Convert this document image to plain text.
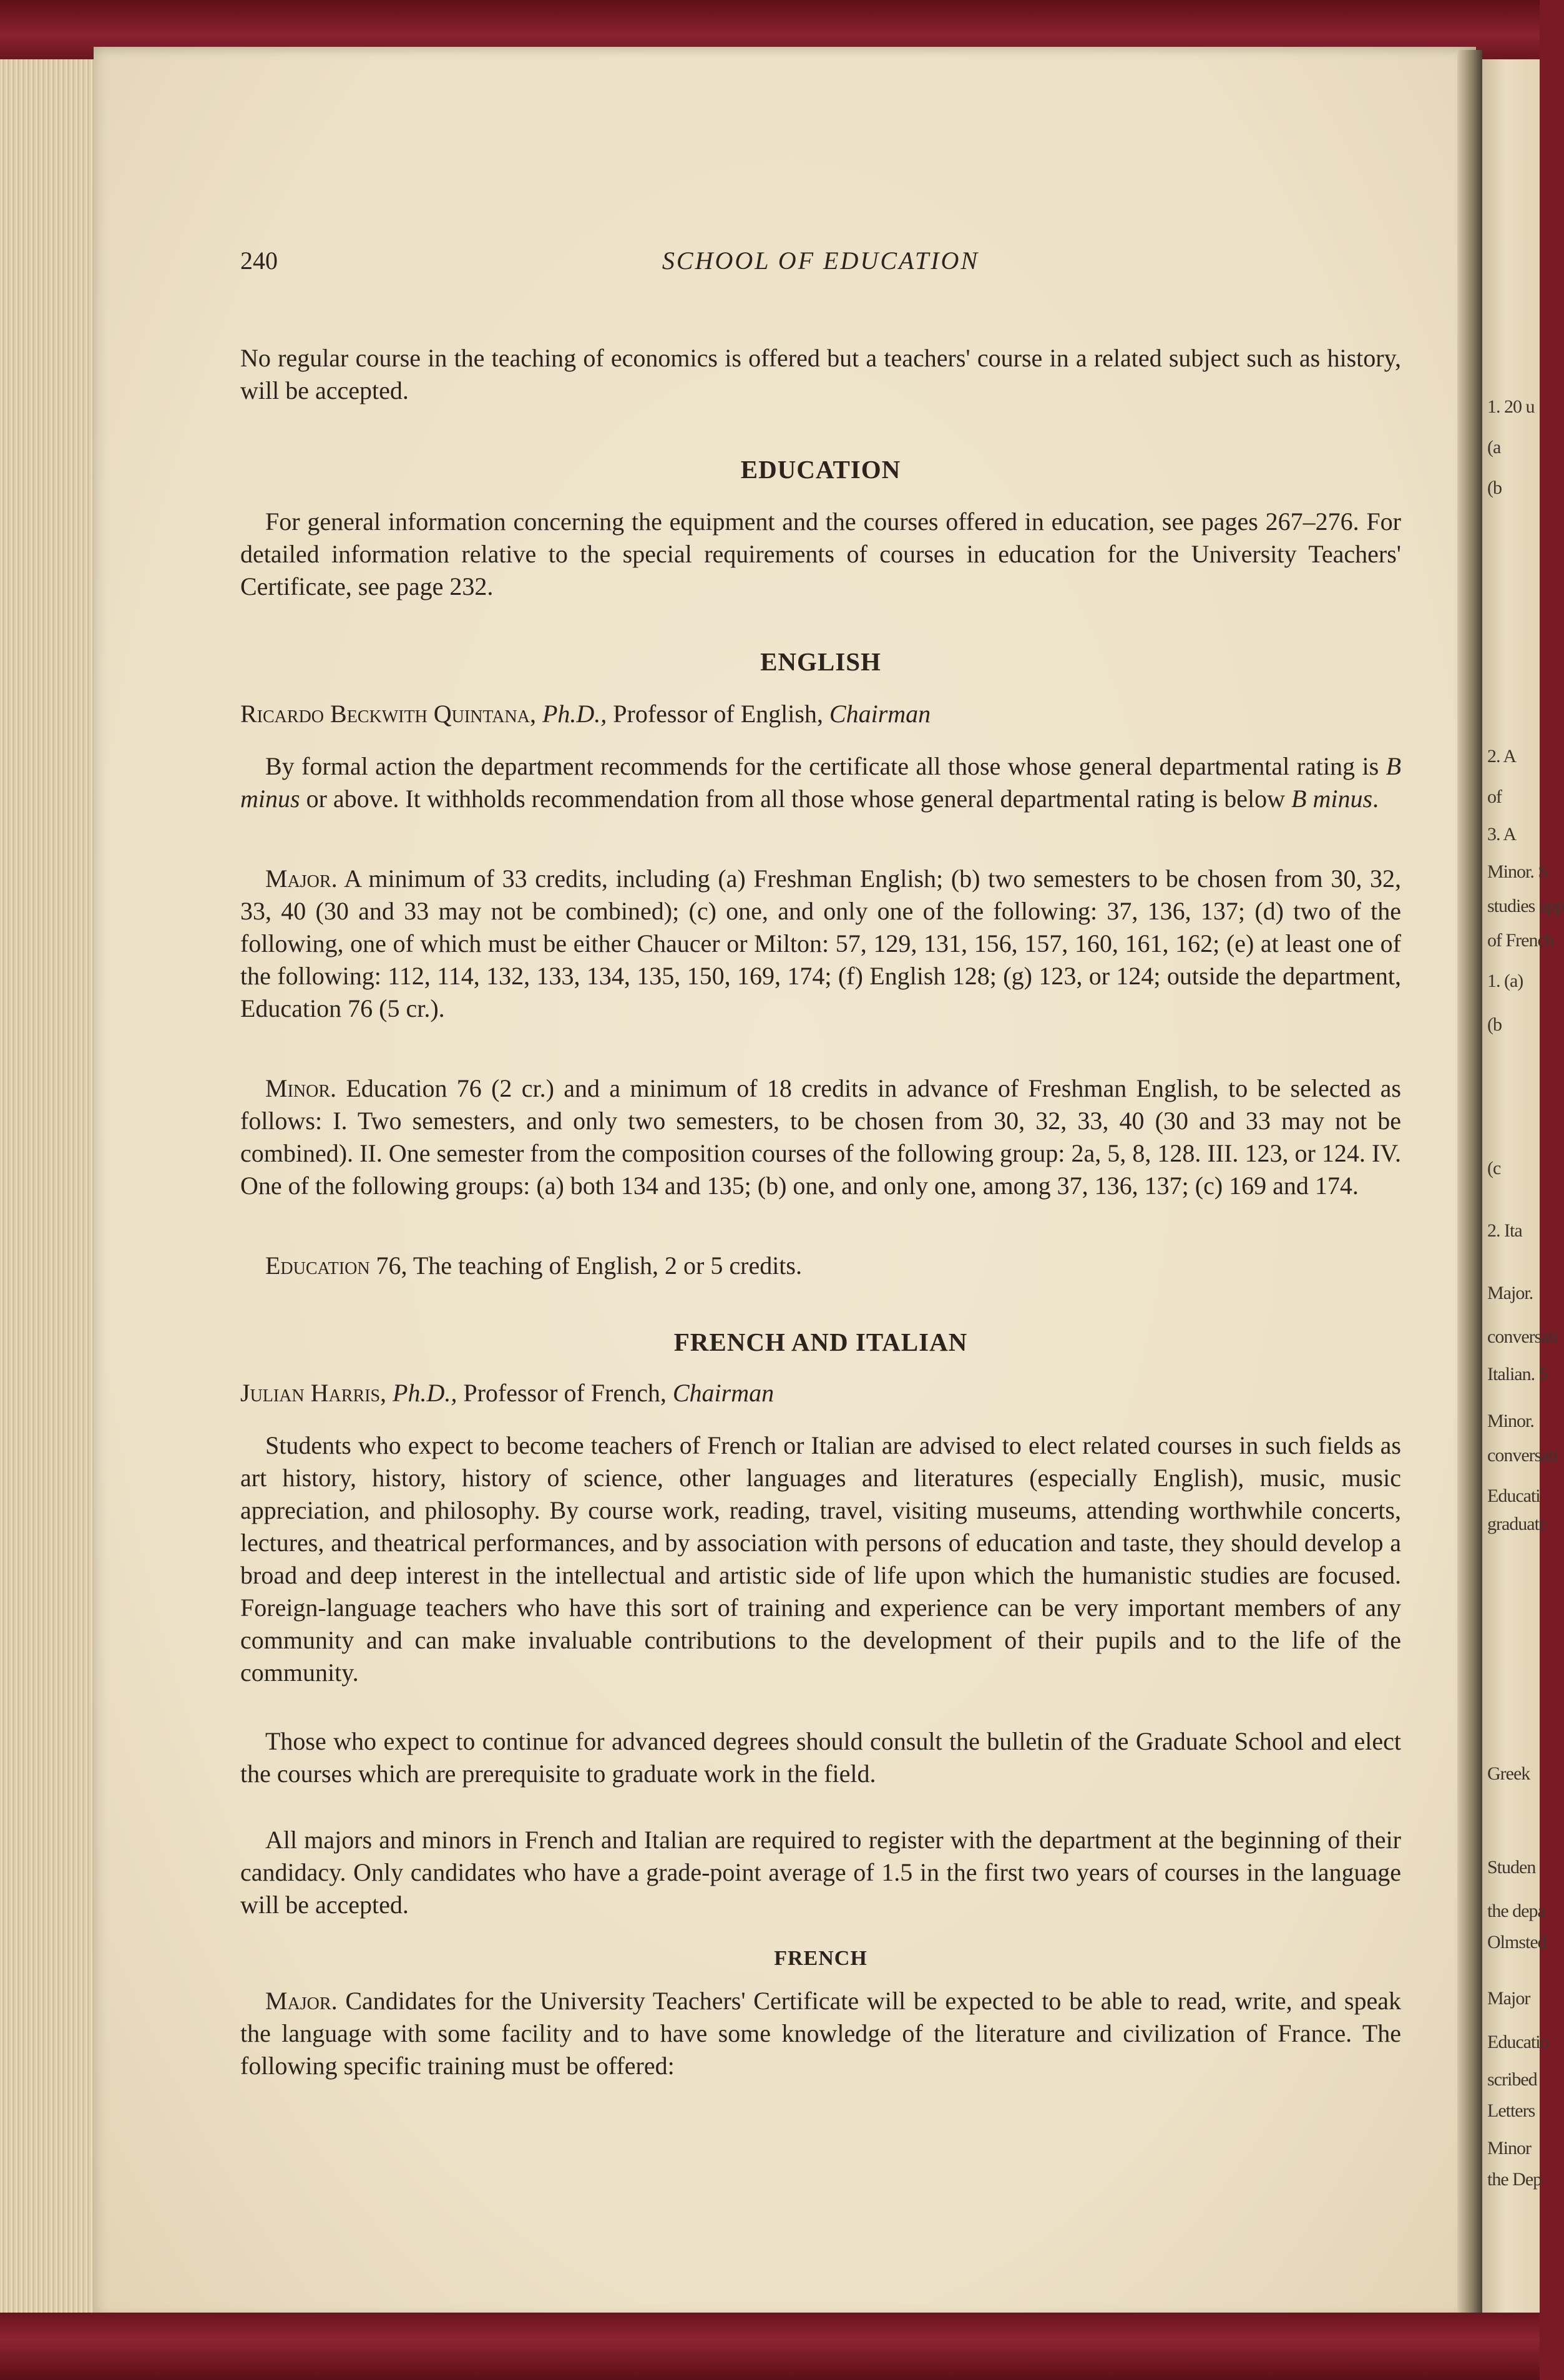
1. 20 u
(a
(b
2. A
of
3. A
Minor. S
studies app
of French
1. (a)
(b
(c
2. Ita
Major.
conversati
Italian. 5
Minor.
conversati
Educati
graduate
Greek
Studen
the depa
Olmsted
Major
Educatio
scribed
Letters
Minor
the Dep
240	SCHOOL OF EDUCATION

No regular course in the teaching of economics is offered but a teachers' course in a related subject such as history, will be accepted.

EDUCATION

For general information concerning the equipment and the courses offered in education, see pages 267–276. For detailed information relative to the special requirements of courses in education for the University Teachers' Certificate, see page 232.

ENGLISH

Ricardo Beckwith Quintana, Ph.D., Professor of English, Chairman

By formal action the department recommends for the certificate all those whose general departmental rating is B minus or above. It withholds recommendation from all those whose general departmental rating is below B minus.

Major. A minimum of 33 credits, including (a) Freshman English; (b) two semesters to be chosen from 30, 32, 33, 40 (30 and 33 may not be combined); (c) one, and only one of the following: 37, 136, 137; (d) two of the following, one of which must be either Chaucer or Milton: 57, 129, 131, 156, 157, 160, 161, 162; (e) at least one of the following: 112, 114, 132, 133, 134, 135, 150, 169, 174; (f) English 128; (g) 123, or 124; outside the department, Education 76 (5 cr.).

Minor. Education 76 (2 cr.) and a minimum of 18 credits in advance of Freshman English, to be selected as follows: I. Two semesters, and only two semesters, to be chosen from 30, 32, 33, 40 (30 and 33 may not be combined). II. One semester from the composition courses of the following group: 2a, 5, 8, 128. III. 123, or 124. IV. One of the following groups: (a) both 134 and 135; (b) one, and only one, among 37, 136, 137; (c) 169 and 174.

Education 76, The teaching of English, 2 or 5 credits.

FRENCH AND ITALIAN

Julian Harris, Ph.D., Professor of French, Chairman

Students who expect to become teachers of French or Italian are advised to elect related courses in such fields as art history, history, history of science, other languages and literatures (especially English), music, music appreciation, and philosophy. By course work, reading, travel, visiting museums, attending worthwhile concerts, lectures, and theatrical performances, and by association with persons of education and taste, they should develop a broad and deep interest in the intellectual and artistic side of life upon which the humanistic studies are focused. Foreign-language teachers who have this sort of training and experience can be very important members of any community and can make invaluable contributions to the development of their pupils and to the life of the community.

Those who expect to continue for advanced degrees should consult the bulletin of the Graduate School and elect the courses which are prerequisite to graduate work in the field.

All majors and minors in French and Italian are required to register with the department at the beginning of their candidacy. Only candidates who have a grade-point average of 1.5 in the first two years of courses in the language will be accepted.

FRENCH

Major. Candidates for the University Teachers' Certificate will be expected to be able to read, write, and speak the language with some facility and to have some knowledge of the literature and civilization of France. The following specific training must be offered:
